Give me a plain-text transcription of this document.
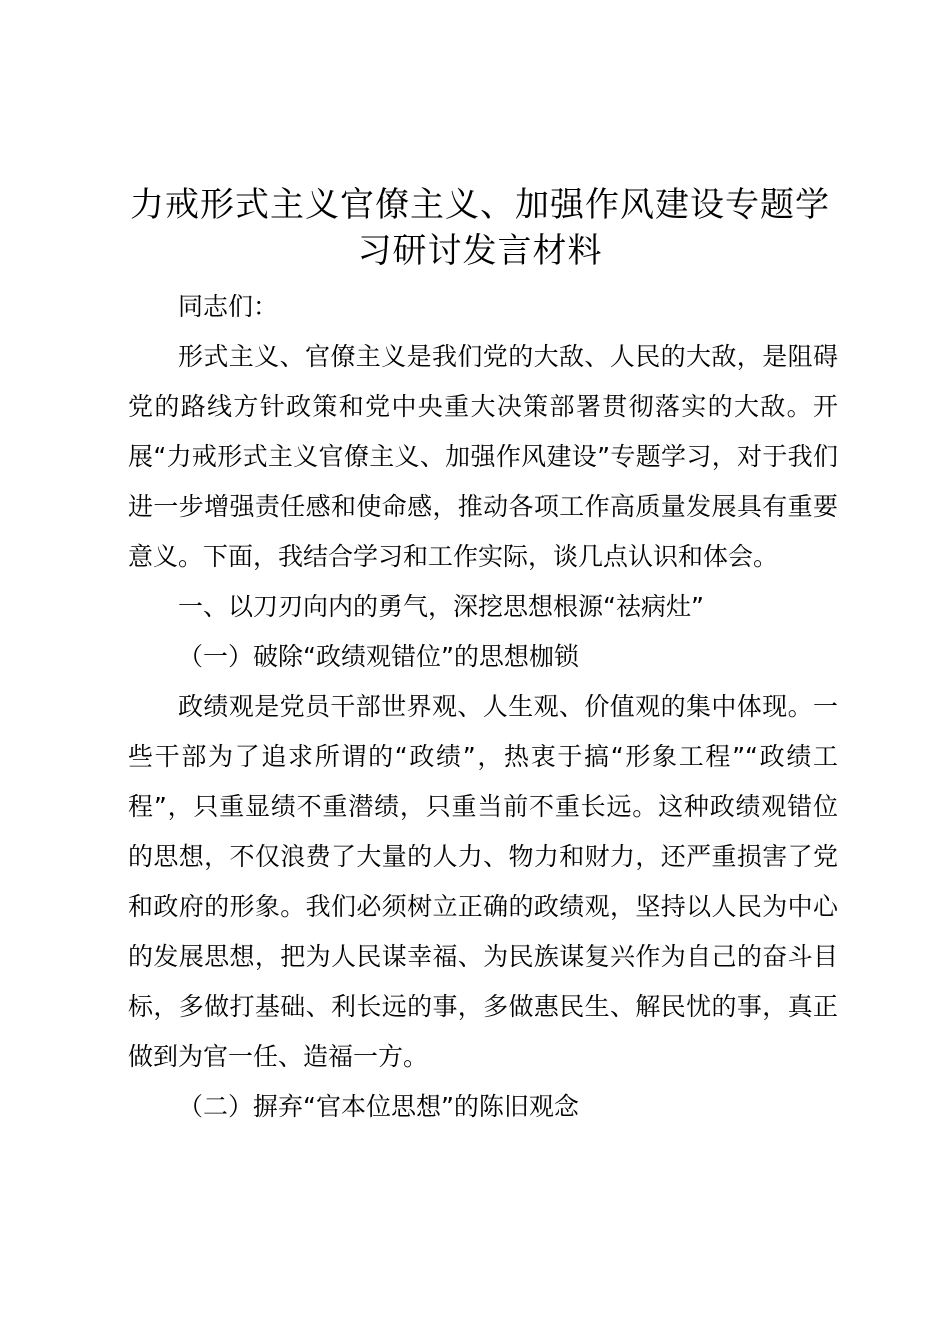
力戒形式主义官僚主义、加强作风建设专题学习研讨发言材料

同志们：

形式主义、官僚主义是我们党的大敌、人民的大敌，是阻碍党的路线方针政策和党中央重大决策部署贯彻落实的大敌。开展“力戒形式主义官僚主义、加强作风建设”专题学习，对于我们进一步增强责任感和使命感，推动各项工作高质量发展具有重要意义。下面，我结合学习和工作实际，谈几点认识和体会。

一、以刀刃向内的勇气，深挖思想根源“祛病灶”

（一）破除“政绩观错位”的思想枷锁

政绩观是党员干部世界观、人生观、价值观的集中体现。一些干部为了追求所谓的“政绩”，热衷于搞“形象工程”“政绩工程”，只重显绩不重潜绩，只重当前不重长远。这种政绩观错位的思想，不仅浪费了大量的人力、物力和财力，还严重损害了党和政府的形象。我们必须树立正确的政绩观，坚持以人民为中心的发展思想，把为人民谋幸福、为民族谋复兴作为自己的奋斗目标，多做打基础、利长远的事，多做惠民生、解民忧的事，真正做到为官一任、造福一方。

（二）摒弃“官本位思想”的陈旧观念
